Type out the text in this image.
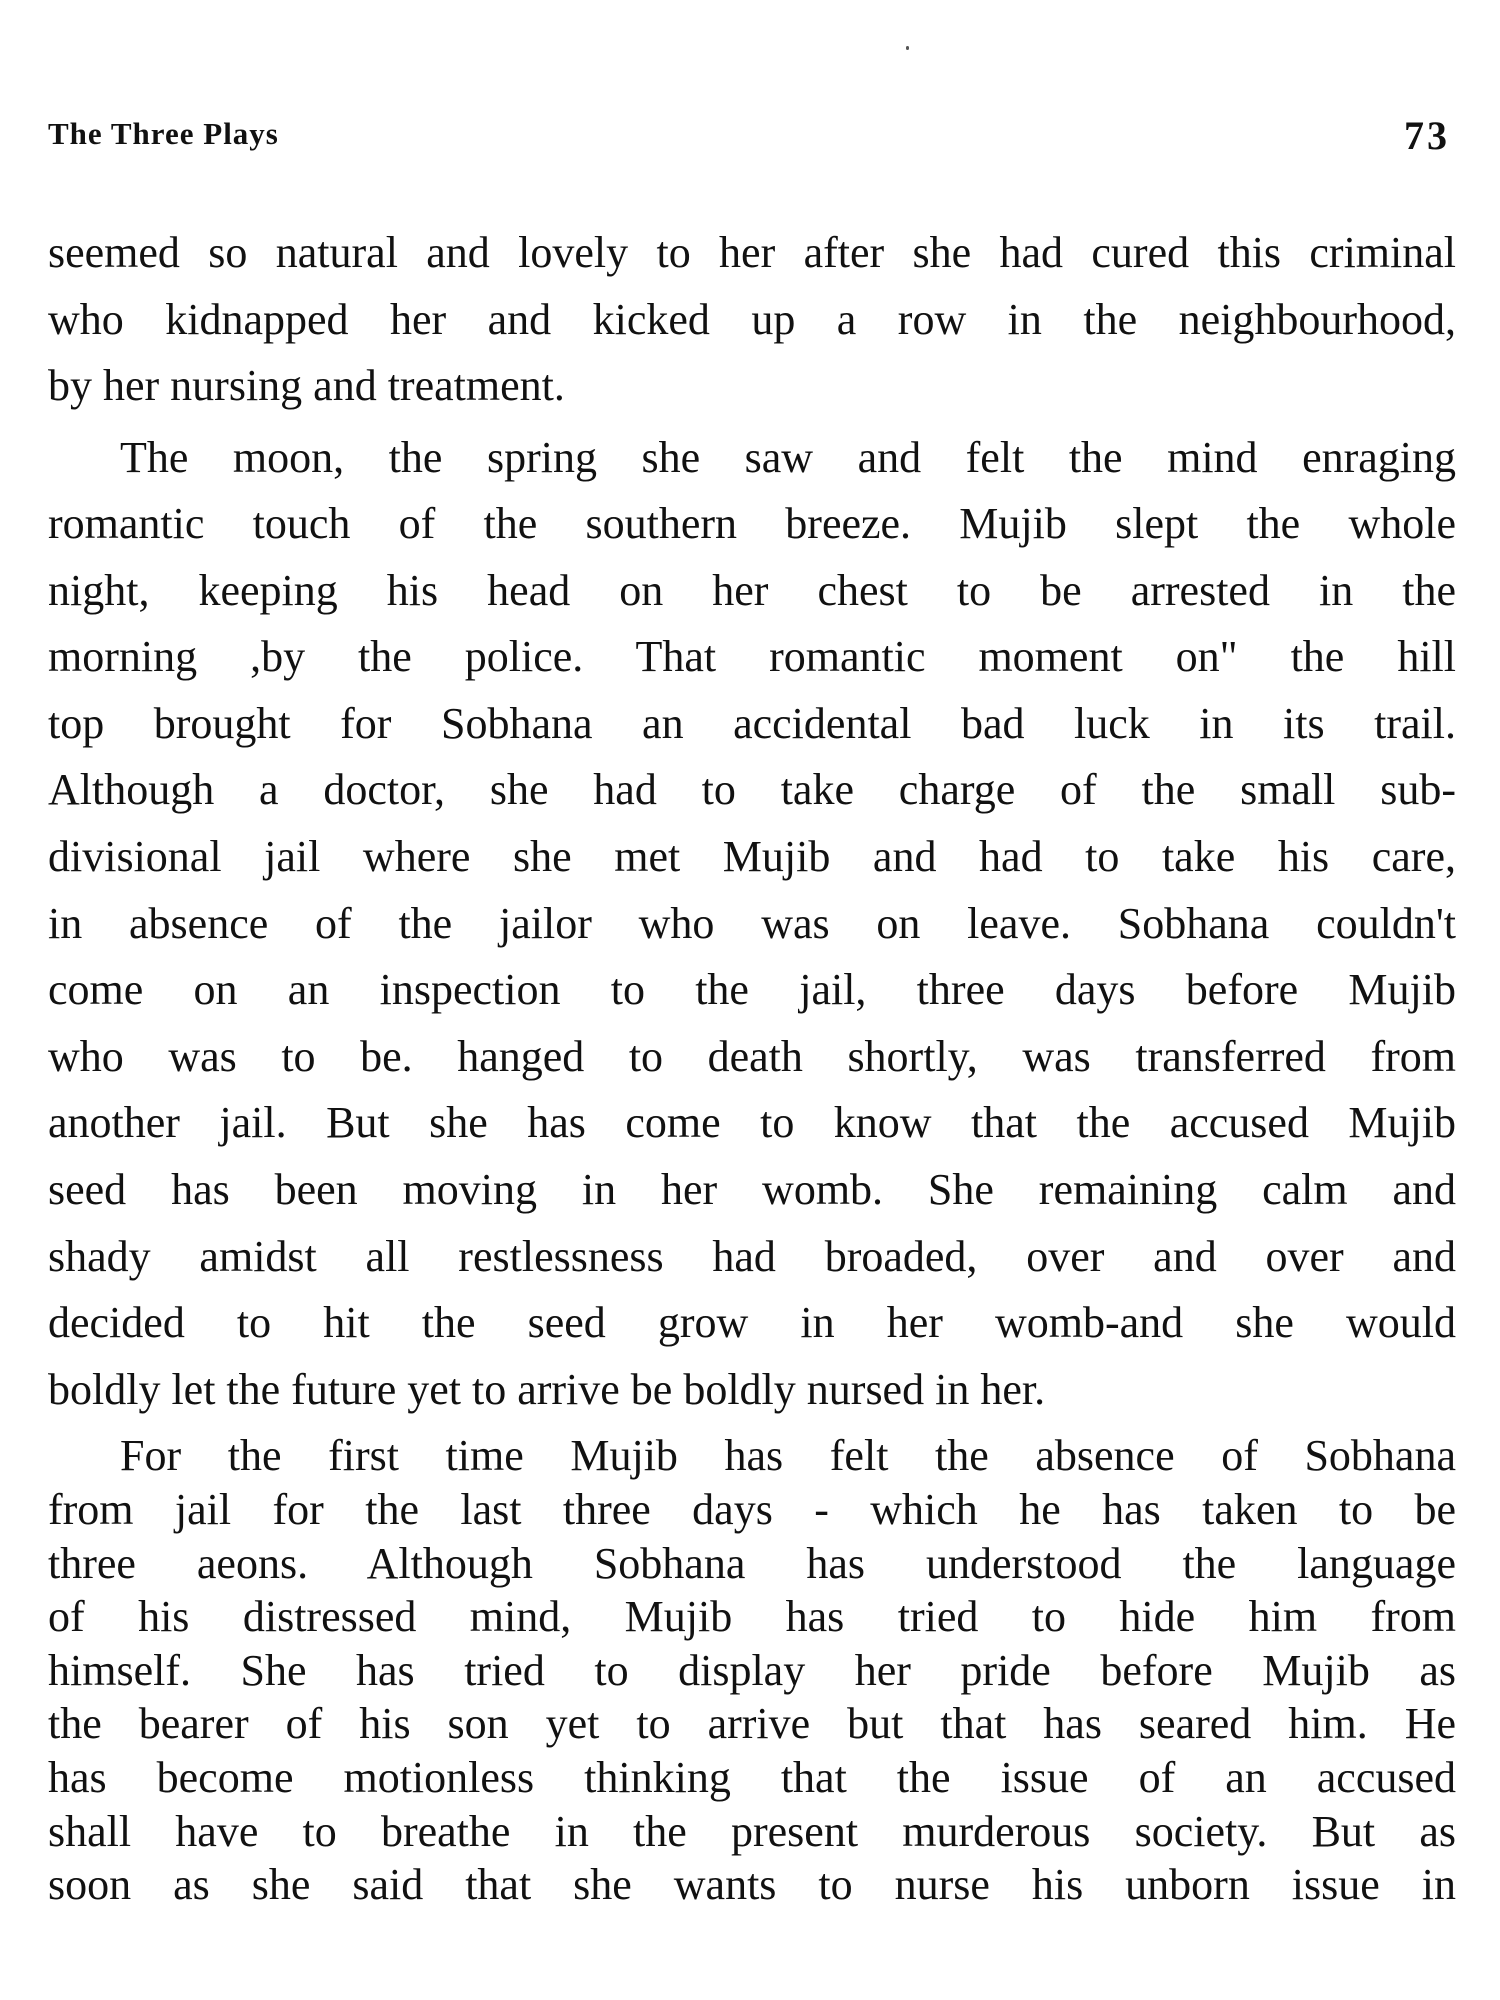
The Three Plays	73
seemed so natural and lovely to her after she had cured this criminal
who kidnapped her and kicked up a row in the neighbourhood,
by her nursing and treatment.
The moon, the spring she saw and felt the mind enraging
romantic touch of the southern breeze. Mujib slept the whole
night, keeping his head on her chest to be arrested in the
morning ,by the police. That romantic moment on" the hill
top brought for Sobhana an accidental bad luck in its trail.
Although a doctor, she had to take charge of the small sub-
divisional jail where she met Mujib and had to take his care,
in absence of the jailor who was on leave. Sobhana couldn't
come on an inspection to the jail, three days before Mujib
who was to be. hanged to death shortly, was transferred from
another jail. But she has come to know that the accused Mujib
seed has been moving in her womb. She remaining calm and
shady amidst all restlessness had broaded, over and over and
decided to hit the seed grow in her womb-and she would
boldly let the future yet to arrive be boldly nursed in her.
For the first time Mujib has felt the absence of Sobhana
from jail for the last three days - which he has taken to be
three aeons. Although Sobhana has understood the language
of his distressed mind, Mujib has tried to hide him from
himself. She has tried to display her pride before Mujib as
the bearer of his son yet to arrive but that has seared him. He
has become motionless thinking that the issue of an accused
shall have to breathe in the present murderous society. But as
soon as she said that she wants to nurse his unborn issue in
